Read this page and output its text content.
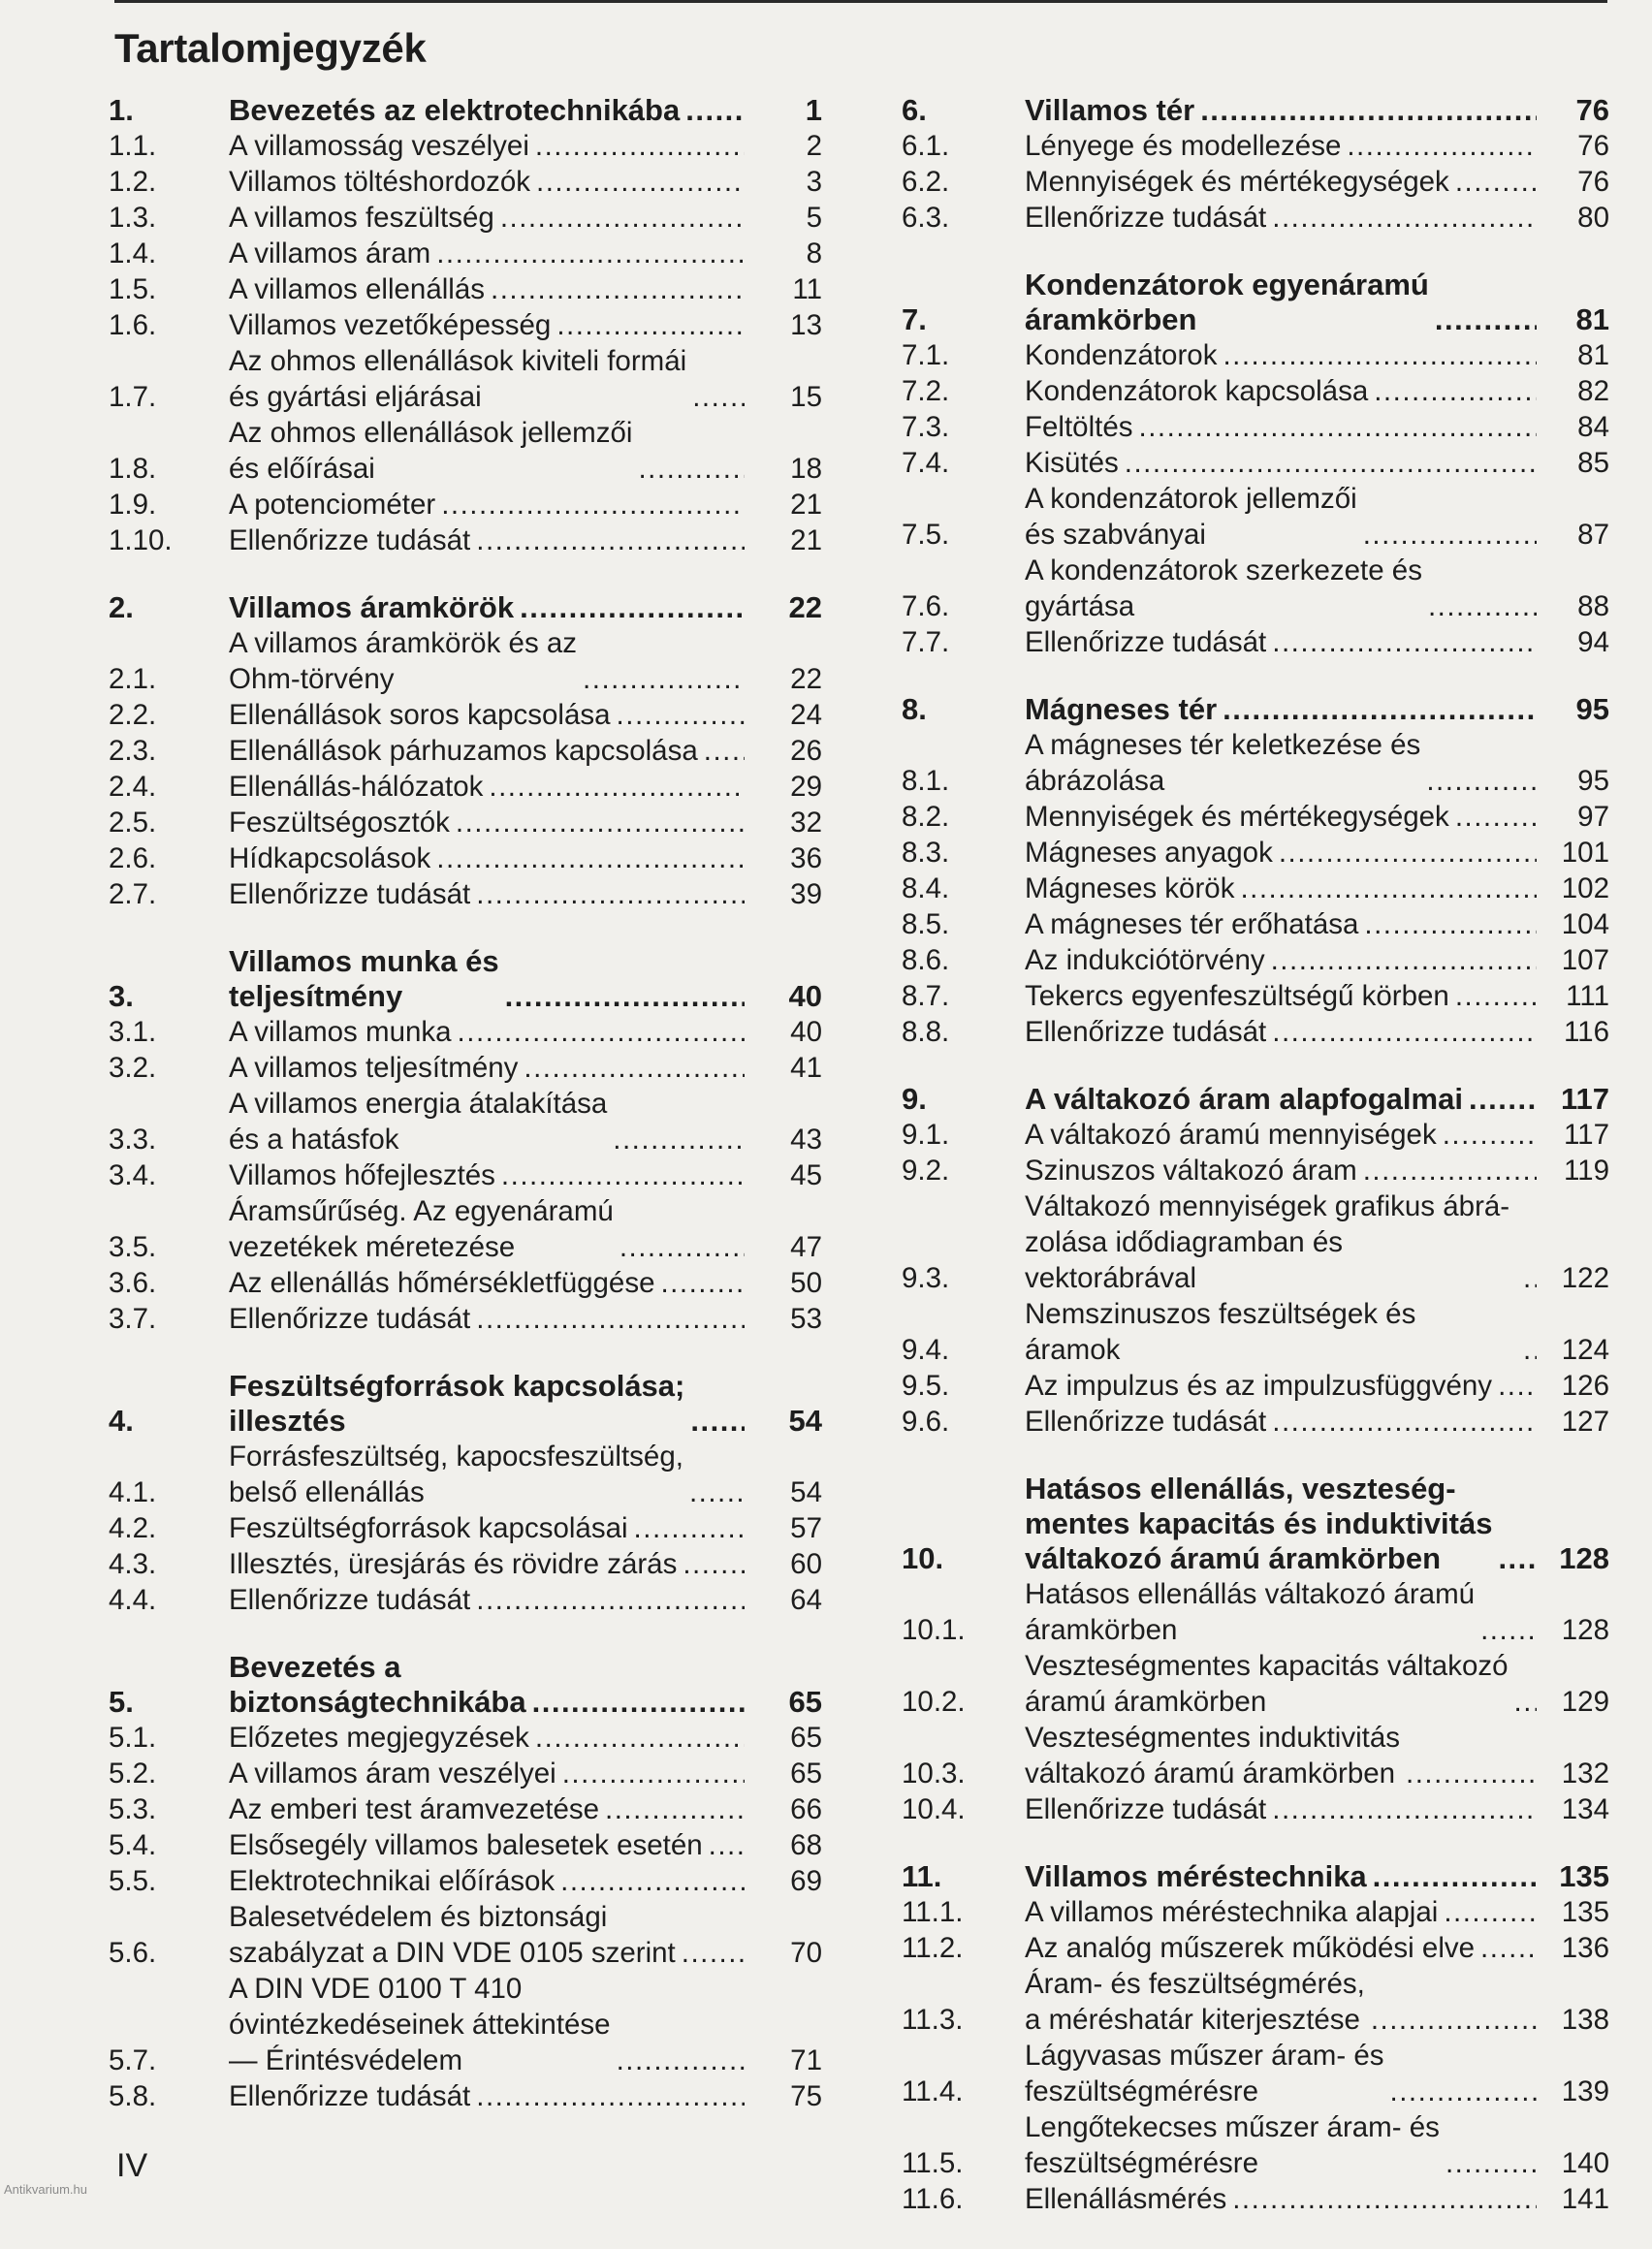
Tartalomjegyzék
1.	Bevezetés az elektrotechnikába .....	1
1.1.	A villamosság veszélyei .....	2
1.2.	Villamos töltéshordozók .....	3
1.3.	A villamos feszültség .....	5
1.4.	A villamos áram .....	8
1.5.	A villamos ellenállás .....	11
1.6.	Villamos vezetőképesség .....	13
1.7.
Az ohmos ellenállások kiviteli formái
és gyártási eljárásai .....	15
1.8.
Az ohmos ellenállások jellemzői
és előírásai .....	18
1.9.	A potenciométer .....	21
1.10.	Ellenőrizze tudását .....	21
2.	Villamos áramkörök .....	22
2.1.
A villamos áramkörök és az
Ohm-törvény .....	22
2.2.	Ellenállások soros kapcsolása .....	24
2.3.	Ellenállások párhuzamos kapcsolása .....	26
2.4.	Ellenállás-hálózatok .....	29
2.5.	Feszültségosztók .....	32
2.6.	Hídkapcsolások .....	36
2.7.	Ellenőrizze tudását .....	39
3.
Villamos munka és
teljesítmény .....	40
3.1.	A villamos munka .....	40
3.2.	A villamos teljesítmény .....	41
3.3.
A villamos energia átalakítása
és a hatásfok .....	43
3.4.	Villamos hőfejlesztés .....	45
3.5.
Áramsűrűség. Az egyenáramú
vezetékek méretezése .....	47
3.6.	Az ellenállás hőmérsékletfüggése .....	50
3.7.	Ellenőrizze tudását .....	53
4.
Feszültségforrások kapcsolása;
illesztés .....	54
4.1.
Forrásfeszültség, kapocsfeszültség,
belső ellenállás .....	54
4.2.	Feszültségforrások kapcsolásai .....	57
4.3.	Illesztés, üresjárás és rövidre zárás .....	60
4.4.	Ellenőrizze tudását .....	64
5.
Bevezetés a
biztonságtechnikába .....	65
5.1.	Előzetes megjegyzések .....	65
5.2.	A villamos áram veszélyei .....	65
5.3.	Az emberi test áramvezetése .....	66
5.4.	Elsősegély villamos balesetek esetén .....	68
5.5.	Elektrotechnikai előírások .....	69
5.6.
Balesetvédelem és biztonsági
szabályzat a DIN VDE 0105 szerint .....	70
5.7.
A DIN VDE 0100 T 410
óvintézkedéseinek áttekintése
— Érintésvédelem .....	71
5.8.	Ellenőrizze tudását .....	75
6.	Villamos tér .....	76
6.1.	Lényege és modellezése .....	76
6.2.	Mennyiségek és mértékegységek .....	76
6.3.	Ellenőrizze tudását .....	80
7.
Kondenzátorok egyenáramú
áramkörben .....	81
7.1.	Kondenzátorok .....	81
7.2.	Kondenzátorok kapcsolása .....	82
7.3.	Feltöltés .....	84
7.4.	Kisütés .....	85
7.5.
A kondenzátorok jellemzői
és szabványai .....	87
7.6.
A kondenzátorok szerkezete és
gyártása .....	88
7.7.	Ellenőrizze tudását .....	94
8.	Mágneses tér .....	95
8.1.
A mágneses tér keletkezése és
ábrázolása .....	95
8.2.	Mennyiségek és mértékegységek .....	97
8.3.	Mágneses anyagok .....	101
8.4.	Mágneses körök .....	102
8.5.	A mágneses tér erőhatása .....	104
8.6.	Az indukciótörvény .....	107
8.7.	Tekercs egyenfeszültségű körben .....	111
8.8.	Ellenőrizze tudását .....	116
9.	A váltakozó áram alapfogalmai .....	117
9.1.	A váltakozó áramú mennyiségek .....	117
9.2.	Szinuszos váltakozó áram .....	119
9.3.
Váltakozó mennyiségek grafikus ábrá-
zolása idődiagramban és vektorábrával .....	122
9.4.
Nemszinuszos feszültségek és áramok .....	124
9.5.	Az impulzus és az impulzusfüggvény .....	126
9.6.	Ellenőrizze tudását .....	127
10.
Hatásos ellenállás, veszteség-
mentes kapacitás és induktivitás
váltakozó áramú áramkörben .....	128
10.1.
Hatásos ellenállás váltakozó áramú
áramkörben .....	128
10.2.
Veszteségmentes kapacitás váltakozó
áramú áramkörben .....	129
10.3.
Veszteségmentes induktivitás
váltakozó áramú áramkörben .....	132
10.4.	Ellenőrizze tudását .....	134
11.	Villamos méréstechnika .....	135
11.1.	A villamos méréstechnika alapjai .....	135
11.2.	Az analóg műszerek működési elve .....	136
11.3.
Áram- és feszültségmérés,
a méréshatár kiterjesztése .....	138
11.4.
Lágyvasas műszer áram- és
feszültségmérésre .....	139
11.5.
Lengőtekecses műszer áram- és
feszültségmérésre .....	140
11.6.	Ellenállásmérés .....	141
IV
Antikvarium.hu
